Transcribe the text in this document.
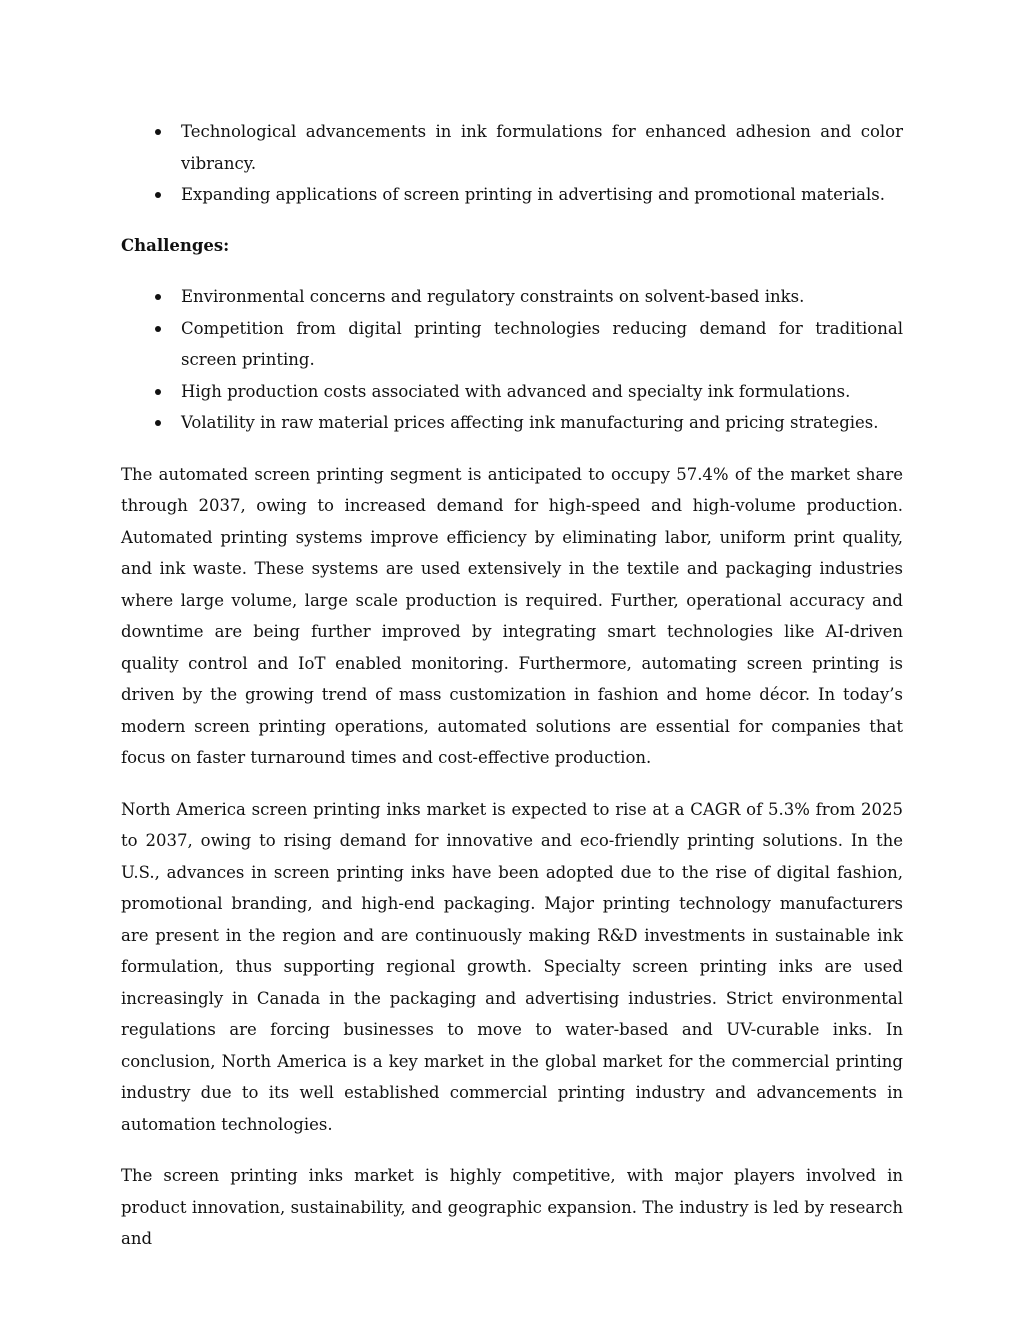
Technological advancements in ink formulations for enhanced adhesion and color vibrancy.
Expanding applications of screen printing in advertising and promotional materials.
Challenges:
Environmental concerns and regulatory constraints on solvent-based inks.
Competition from digital printing technologies reducing demand for traditional screen printing.
High production costs associated with advanced and specialty ink formulations.
Volatility in raw material prices affecting ink manufacturing and pricing strategies.

The automated screen printing segment is anticipated to occupy 57.4% of the market share through 2037, owing to increased demand for high-speed and high-volume production. Automated printing systems improve efficiency by eliminating labor, uniform print quality, and ink waste. These systems are used extensively in the textile and packaging industries where large volume, large scale production is required. Further, operational accuracy and downtime are being further improved by integrating smart technologies like AI-driven quality control and IoT enabled monitoring. Furthermore, automating screen printing is driven by the growing trend of mass customization in fashion and home décor. In today’s modern screen printing operations, automated solutions are essential for companies that focus on faster turnaround times and cost-effective production.

North America screen printing inks market is expected to rise at a CAGR of 5.3% from 2025 to 2037, owing to rising demand for innovative and eco-friendly printing solutions. In the U.S., advances in screen printing inks have been adopted due to the rise of digital fashion, promotional branding, and high-end packaging. Major printing technology manufacturers are present in the region and are continuously making R&D investments in sustainable ink formulation, thus supporting regional growth. Specialty screen printing inks are used increasingly in Canada in the packaging and advertising industries. Strict environmental regulations are forcing businesses to move to water-based and UV-curable inks. In conclusion, North America is a key market in the global market for the commercial printing industry due to its well established commercial printing industry and advancements in automation technologies.

The screen printing inks market is highly competitive, with major players involved in product innovation, sustainability, and geographic expansion. The industry is led by research and
